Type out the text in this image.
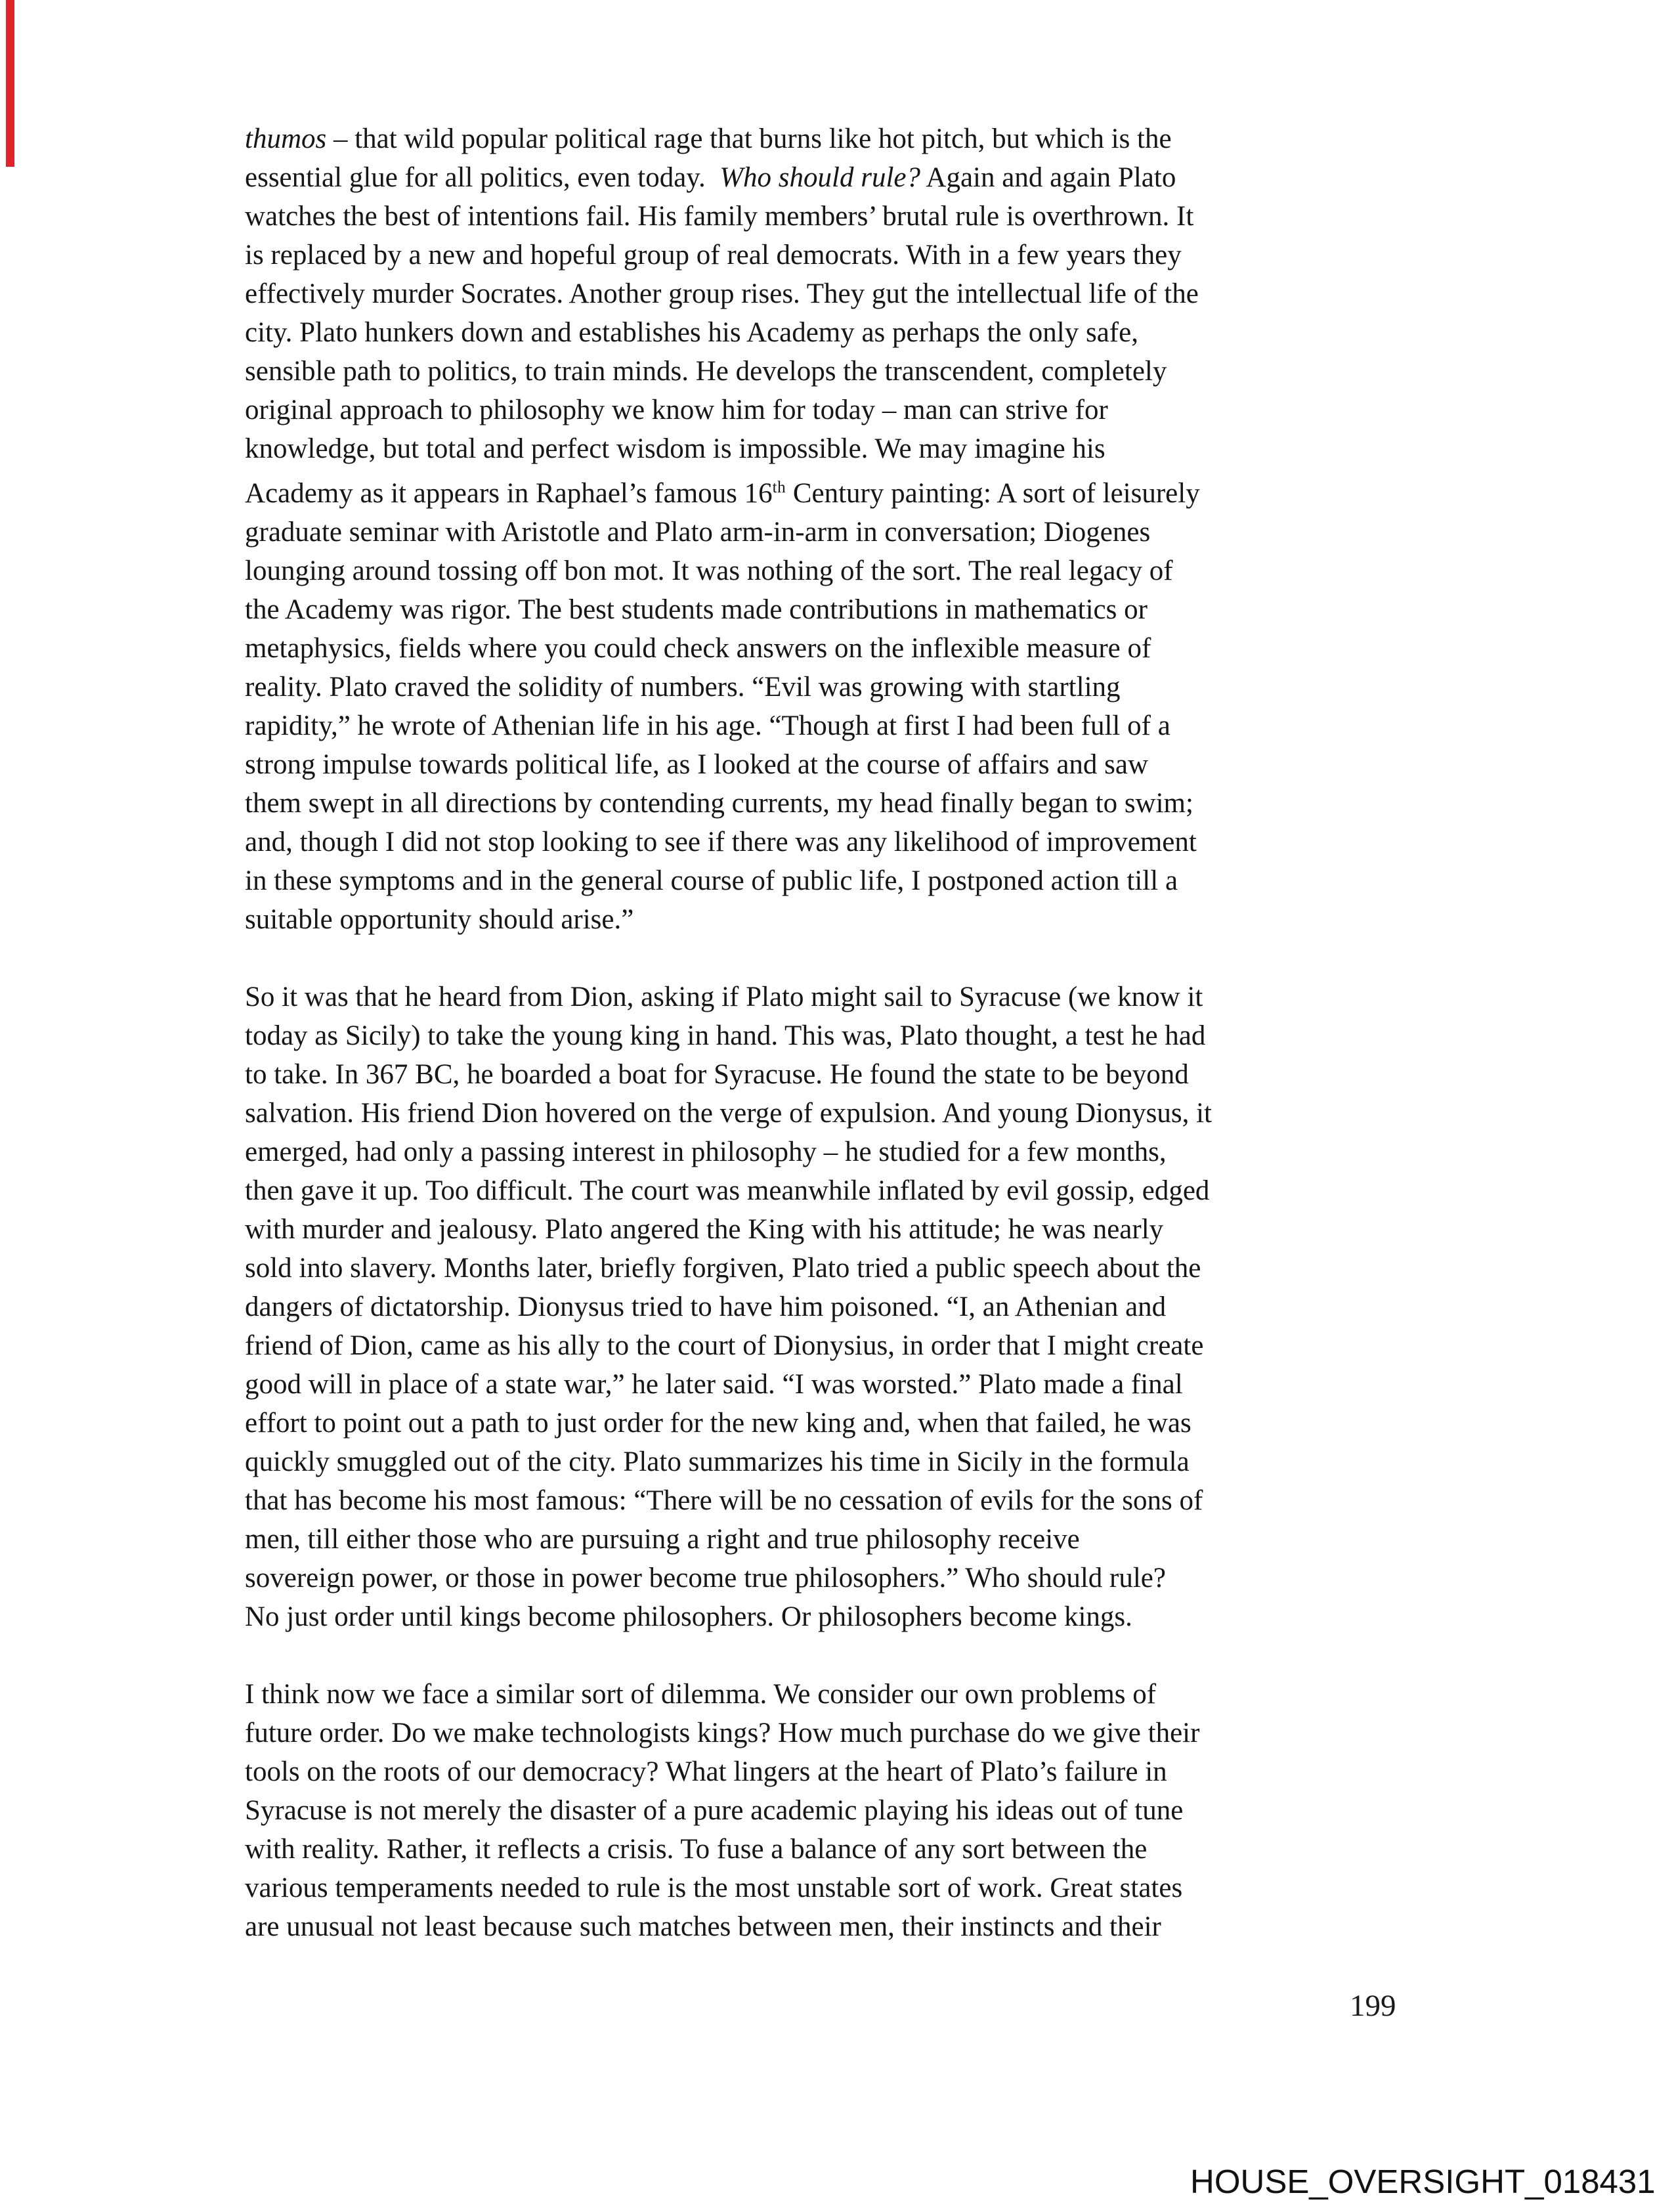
thumos – that wild popular political rage that burns like hot pitch, but which is the
essential glue for all politics, even today.  Who should rule? Again and again Plato
watches the best of intentions fail. His family members’ brutal rule is overthrown. It
is replaced by a new and hopeful group of real democrats. With in a few years they
effectively murder Socrates. Another group rises. They gut the intellectual life of the
city. Plato hunkers down and establishes his Academy as perhaps the only safe,
sensible path to politics, to train minds. He develops the transcendent, completely
original approach to philosophy we know him for today – man can strive for
knowledge, but total and perfect wisdom is impossible. We may imagine his
Academy as it appears in Raphael’s famous 16th Century painting: A sort of leisurely
graduate seminar with Aristotle and Plato arm-in-arm in conversation; Diogenes
lounging around tossing off bon mot. It was nothing of the sort. The real legacy of
the Academy was rigor. The best students made contributions in mathematics or
metaphysics, fields where you could check answers on the inflexible measure of
reality. Plato craved the solidity of numbers. “Evil was growing with startling
rapidity,” he wrote of Athenian life in his age. “Though at first I had been full of a
strong impulse towards political life, as I looked at the course of affairs and saw
them swept in all directions by contending currents, my head finally began to swim;
and, though I did not stop looking to see if there was any likelihood of improvement
in these symptoms and in the general course of public life, I postponed action till a
suitable opportunity should arise.”
So it was that he heard from Dion, asking if Plato might sail to Syracuse (we know it
today as Sicily) to take the young king in hand. This was, Plato thought, a test he had
to take. In 367 BC, he boarded a boat for Syracuse. He found the state to be beyond
salvation. His friend Dion hovered on the verge of expulsion. And young Dionysus, it
emerged, had only a passing interest in philosophy – he studied for a few months,
then gave it up. Too difficult. The court was meanwhile inflated by evil gossip, edged
with murder and jealousy. Plato angered the King with his attitude; he was nearly
sold into slavery. Months later, briefly forgiven, Plato tried a public speech about the
dangers of dictatorship. Dionysus tried to have him poisoned. “I, an Athenian and
friend of Dion, came as his ally to the court of Dionysius, in order that I might create
good will in place of a state war,” he later said. “I was worsted.” Plato made a final
effort to point out a path to just order for the new king and, when that failed, he was
quickly smuggled out of the city. Plato summarizes his time in Sicily in the formula
that has become his most famous: “There will be no cessation of evils for the sons of
men, till either those who are pursuing a right and true philosophy receive
sovereign power, or those in power become true philosophers.” Who should rule?
No just order until kings become philosophers. Or philosophers become kings.
I think now we face a similar sort of dilemma. We consider our own problems of
future order. Do we make technologists kings? How much purchase do we give their
tools on the roots of our democracy? What lingers at the heart of Plato’s failure in
Syracuse is not merely the disaster of a pure academic playing his ideas out of tune
with reality. Rather, it reflects a crisis. To fuse a balance of any sort between the
various temperaments needed to rule is the most unstable sort of work. Great states
are unusual not least because such matches between men, their instincts and their
199
HOUSE_OVERSIGHT_018431
